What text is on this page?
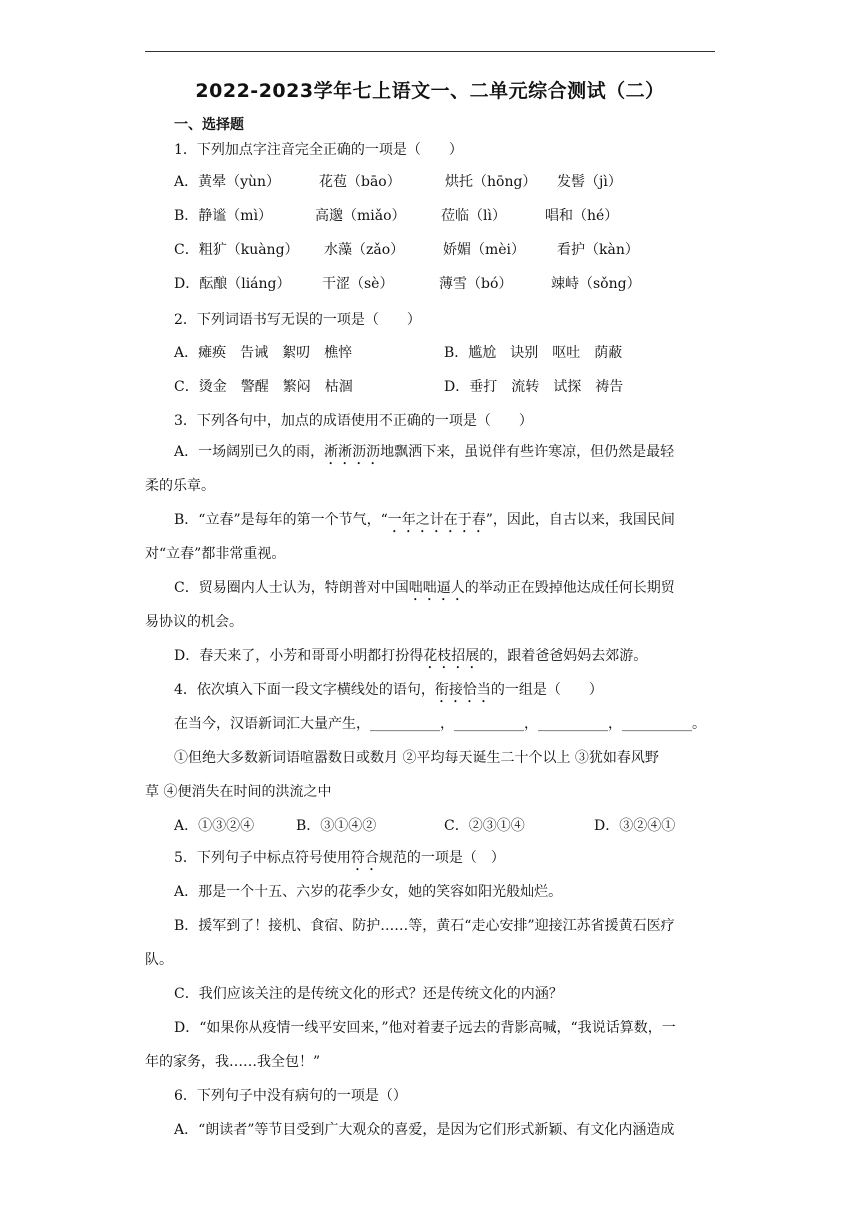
2022-2023学年七上语文一、二单元综合测试（二）
一、选择题
1．下列加点字注音完全正确的一项是（　　）
A．黄晕（yùn）	花苞（bāo）	烘托（hōng） 发髻（jì）
B．静谧（mì）	高邈（miǎo）	莅临（lì）	唱和（hé）
C．粗犷（kuàng） 水藻（zǎo）	娇媚（mèi） 看护（kàn）
D．酝酿（liáng） 干涩（sè）	薄雪（bó）	竦峙（sǒng）
2．下列词语书写无误的一项是（　　）
A．瘫痪　告诫　絮叨　樵悴	B．尴尬　诀别　呕吐　荫蔽
C．烫金　警醒　繁闷　枯涸	D．垂打　流转　试探　祷告
3．下列各句中，加点的成语使用不正确的一项是（　　）
A．一场阔别已久的雨，淅淅沥沥地飘洒下来，虽说伴有些许寒凉，但仍然是最轻
柔的乐章。
B．“立春”是每年的第一个节气，“一年之计在于春”，因此，自古以来，我国民间
对“立春”都非常重视。
C．贸易圈内人士认为，特朗普对中国咄咄逼人的举动正在毁掉他达成任何长期贸
易协议的机会。
D．春天来了，小芳和哥哥小明都打扮得花枝招展的，跟着爸爸妈妈去郊游。
4．依次填入下面一段文字横线处的语句，衔接恰当的一组是（　　）
在当今，汉语新词汇大量产生，__________，__________，__________，__________。
①但绝大多数新词语喧嚣数日或数月 ②平均每天诞生二十个以上 ③犹如春风野
草 ④便消失在时间的洪流之中
A．①③②④	B．③①④②	C．②③①④	D．③②④①
5．下列句子中标点符号使用符合规范的一项是（　）
A．那是一个十五、六岁的花季少女，她的笑容如阳光般灿烂。
B．援军到了！接机、食宿、防护……等，黄石“走心安排”迎接江苏省援黄石医疗
队。
C．我们应该关注的是传统文化的形式？还是传统文化的内涵？
D．“如果你从疫情一线平安回来，”他对着妻子远去的背影高喊，“我说话算数，一
年的家务，我……我全包！”
6．下列句子中没有病句的一项是（）
A．“朗读者”等节目受到广大观众的喜爱，是因为它们形式新颖、有文化内涵造成
